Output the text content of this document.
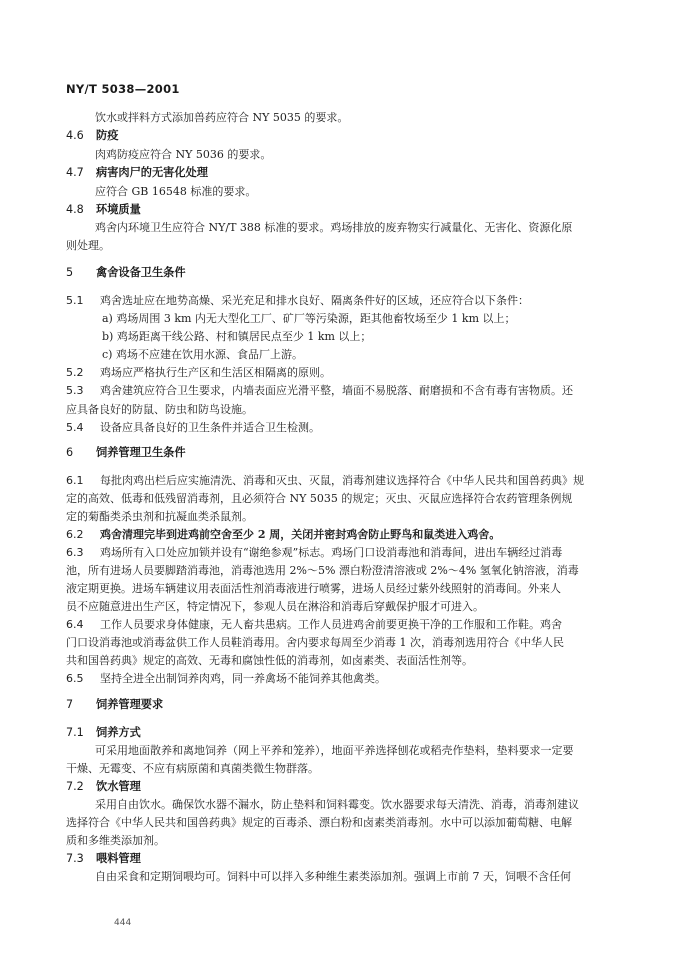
NY/T 5038—2001
饮水或拌料方式添加兽药应符合 NY 5035 的要求。
4.6 防疫
肉鸡防疫应符合 NY 5036 的要求。
4.7 病害肉尸的无害化处理
应符合 GB 16548 标准的要求。
4.8 环境质量
鸡舍内环境卫生应符合 NY/T 388 标准的要求。鸡场排放的废弃物实行减量化、无害化、资源化原
则处理。
5 禽舍设备卫生条件
5.1 鸡舍选址应在地势高燥、采光充足和排水良好、隔离条件好的区域，还应符合以下条件：
a) 鸡场周围 3 km 内无大型化工厂、矿厂等污染源，距其他畜牧场至少 1 km 以上；
b) 鸡场距离干线公路、村和镇居民点至少 1 km 以上；
c) 鸡场不应建在饮用水源、食品厂上游。
5.2 鸡场应严格执行生产区和生活区相隔离的原则。
5.3 鸡舍建筑应符合卫生要求，内墙表面应光滑平整，墙面不易脱落、耐磨损和不含有毒有害物质。还
应具备良好的防鼠、防虫和防鸟设施。
5.4 设备应具备良好的卫生条件并适合卫生检测。
6 饲养管理卫生条件
6.1 每批肉鸡出栏后应实施清洗、消毒和灭虫、灭鼠，消毒剂建议选择符合《中华人民共和国兽药典》规
定的高效、低毒和低残留消毒剂，且必须符合 NY 5035 的规定；灭虫、灭鼠应选择符合农药管理条例规
定的菊酯类杀虫剂和抗凝血类杀鼠剂。
6.2 鸡舍清理完毕到进鸡前空舍至少 2 周，关闭并密封鸡舍防止野鸟和鼠类进入鸡舍。
6.3 鸡场所有入口处应加锁并设有“谢绝参观”标志。鸡场门口设消毒池和消毒间，进出车辆经过消毒
池，所有进场人员要脚踏消毒池，消毒池选用 2%～5% 漂白粉澄清溶液或 2%～4% 氢氧化钠溶液，消毒
液定期更换。进场车辆建议用表面活性剂消毒液进行喷雾，进场人员经过紫外线照射的消毒间。外来人
员不应随意进出生产区，特定情况下，参观人员在淋浴和消毒后穿戴保护服才可进入。
6.4 工作人员要求身体健康，无人畜共患病。工作人员进鸡舍前要更换干净的工作服和工作鞋。鸡舍
门口设消毒池或消毒盆供工作人员鞋消毒用。舍内要求每周至少消毒 1 次，消毒剂选用符合《中华人民
共和国兽药典》规定的高效、无毒和腐蚀性低的消毒剂，如卤素类、表面活性剂等。
6.5 坚持全进全出制饲养肉鸡，同一养禽场不能饲养其他禽类。
7 饲养管理要求
7.1 饲养方式
可采用地面散养和离地饲养（网上平养和笼养），地面平养选择刨花或稻壳作垫料，垫料要求一定要
干燥、无霉变、不应有病原菌和真菌类微生物群落。
7.2 饮水管理
采用自由饮水。确保饮水器不漏水，防止垫料和饲料霉变。饮水器要求每天清洗、消毒，消毒剂建议
选择符合《中华人民共和国兽药典》规定的百毒杀、漂白粉和卤素类消毒剂。水中可以添加葡萄糖、电解
质和多维类添加剂。
7.3 喂料管理
自由采食和定期饲喂均可。饲料中可以拌入多种维生素类添加剂。强调上市前 7 天，饲喂不含任何
444
